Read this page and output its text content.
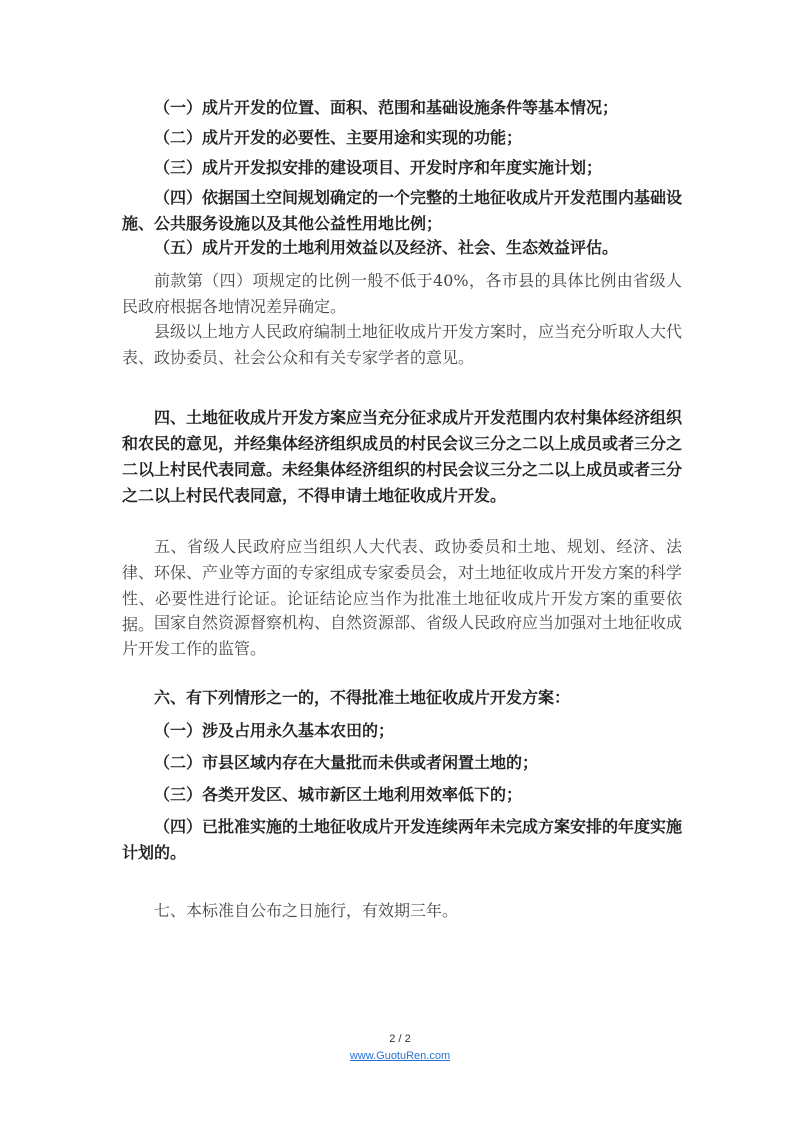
（一）成片开发的位置、面积、范围和基础设施条件等基本情况；

（二）成片开发的必要性、主要用途和实现的功能；

（三）成片开发拟安排的建设项目、开发时序和年度实施计划；

（四）依据国土空间规划确定的一个完整的土地征收成片开发范围内基础设施、公共服务设施以及其他公益性用地比例；

（五）成片开发的土地利用效益以及经济、社会、生态效益评估。

前款第（四）项规定的比例一般不低于40%，各市县的具体比例由省级人民政府根据各地情况差异确定。

县级以上地方人民政府编制土地征收成片开发方案时，应当充分听取人大代表、政协委员、社会公众和有关专家学者的意见。

四、土地征收成片开发方案应当充分征求成片开发范围内农村集体经济组织和农民的意见，并经集体经济组织成员的村民会议三分之二以上成员或者三分之二以上村民代表同意。未经集体经济组织的村民会议三分之二以上成员或者三分之二以上村民代表同意，不得申请土地征收成片开发。

五、省级人民政府应当组织人大代表、政协委员和土地、规划、经济、法律、环保、产业等方面的专家组成专家委员会，对土地征收成片开发方案的科学性、必要性进行论证。论证结论应当作为批准土地征收成片开发方案的重要依据。 国家自然资源督察机构、自然资源部、省级人民政府应当加强对土地征收成片开发工作的监管。

六、有下列情形之一的，不得批准土地征收成片开发方案：

（一）涉及占用永久基本农田的；

（二）市县区域内存在大量批而未供或者闲置土地的；

（三）各类开发区、城市新区土地利用效率低下的；

（四）已批准实施的土地征收成片开发连续两年未完成方案安排的年度实施计划的。

七、本标准自公布之日施行，有效期三年。

2 / 2
www.GuotuRen.com
